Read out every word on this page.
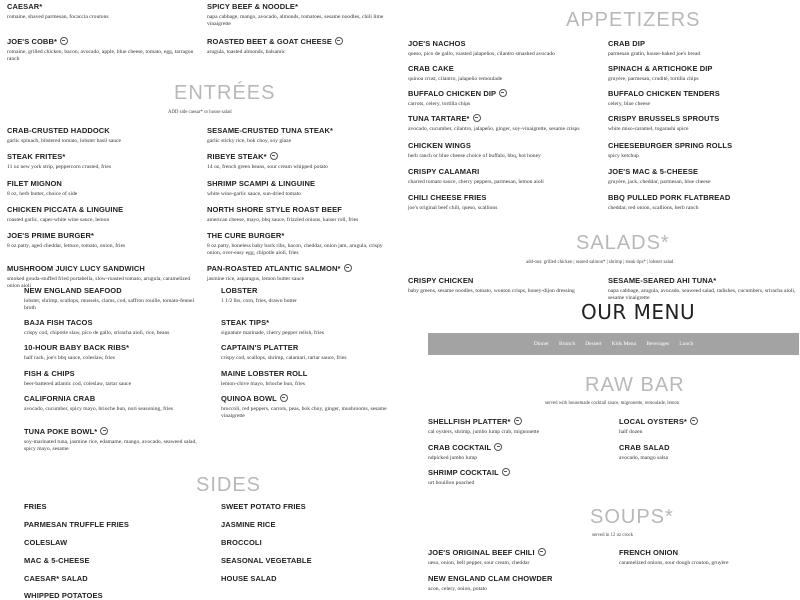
APPETIZERS
ENTRÉES
ADD side caesar* or house salad
SALADS*
add-ons: grilled chicken | seared salmon* | shrimp | steak tips* | lobster salad
RAW BAR
served with housemade cocktail sauce, mignonette, remoulade, lemon
SIDES
SOUPS*
served in 12 oz crock
OUR MENU
Dinner Brunch Dessert Kids Menu Beverages Lunch
CAESAR*
romaine, shaved parmesan, focaccia croutons
SPICY BEEF & NOODLE*
napa cabbage, mango, avocado, almonds, tomatoes, sesame noodles, chili lime vinaigrette
JOE'S COBB*
romaine, grilled chicken, bacon, avocado, apple, blue cheese, tomato, egg, tarragon ranch
ROASTED BEET & GOAT CHEESE
arugula, toasted almonds, balsamic
JOE'S NACHOS
queso, pico de gallo, roasted jalapeños, cilantro smashed avocado
CRAB DIP
parmesan gratin, house-baked joe's bread
CRAB CAKE
quinoa crust, cilantro, jalapeño remoulade
SPINACH & ARTICHOKE DIP
gruyère, parmesan, crudité, tortilla chips
BUFFALO CHICKEN DIP
carrots, celery, tortilla chips
BUFFALO CHICKEN TENDERS
celery, blue cheese
TUNA TARTARE*
avocado, cucumber, cilantro, jalapeño, ginger, soy-vinaigrette, sesame crisps
CRISPY BRUSSELS SPROUTS
white miso-caramel, togarashi spice
CHICKEN WINGS
herb ranch or blue cheese choice of buffalo, bbq, hot honey
CHEESEBURGER SPRING ROLLS
spicy ketchup
CRISPY CALAMARI
charred tomato sauce, cherry peppers, parmesan, lemon aioli
JOE'S MAC & 5-CHEESE
gruyère, jack, cheddar, parmesan, blue cheese
CHILI CHEESE FRIES
joe's original beef chili, queso, scallions
BBQ PULLED PORK FLATBREAD
cheddar, red onion, scallions, herb ranch
CRAB-CRUSTED HADDOCK
garlic spinach, blistered tomato, lobster basil sauce
SESAME-CRUSTED TUNA STEAK*
garlic sticky rice, bok choy, soy glaze
STEAK FRITES*
11 oz new york strip, peppercorn crusted, fries
RIBEYE STEAK*
14 oz, french green beans, sour cream whipped potato
FILET MIGNON
8 oz, herb butter, choice of side
SHRIMP SCAMPI & LINGUINE
white wine-garlic sauce, sun-dried tomato
CHICKEN PICCATA & LINGUINE
roasted garlic, caper-white wine sauce, lemon
NORTH SHORE STYLE ROAST BEEF
american cheese, mayo, bbq sauce, frizzled onions, kaiser roll, fries
JOE'S PRIME BURGER*
8 oz patty, aged cheddar, lettuce, tomato, onion, fries
THE CURE BURGER*
8 oz patty, boneless baby back ribs, bacon, cheddar, onion jam, arugula, crispy onion, over-easy egg, chipotle aioli, fries
MUSHROOM JUICY LUCY SANDWICH
smoked gouda-stuffed fried portabella, slow-roasted tomato, arugula, caramelized onion aioli
PAN-ROASTED ATLANTIC SALMON*
jasmine rice, asparagus, lemon butter sauce
NEW ENGLAND SEAFOOD
lobster, shrimp, scallops, mussels, clams, cod, saffron rouille, tomato-fennel broth
LOBSTER
1 1/2 lbs, corn, fries, drawn butter
BAJA FISH TACOS
crispy cod, chipotle slaw, pico de gallo, sriracha aioli, rice, beans
STEAK TIPS*
signature marinade, cherry pepper relish, fries
10-HOUR BABY BACK RIBS*
half rack, joe's bbq sauce, coleslaw, fries
CAPTAIN'S PLATTER
crispy cod, scallops, shrimp, calamari, tartar sauce, fries
FISH & CHIPS
beer-battered atlantic cod, coleslaw, tartar sauce
MAINE LOBSTER ROLL
lemon-chive mayo, brioche bun, fries
CALIFORNIA CRAB
avocado, cucumber, spicy mayo, brioche bun, nori seasoning, fries
QUINOA BOWL
broccoli, red peppers, carrots, peas, bok choy, ginger, mushrooms, sesame vinaigrette
TUNA POKE BOWL*
soy-marinated tuna, jasmine rice, edamame, mango, avocado, seaweed salad, spicy mayo, sesame
CRISPY CHICKEN
baby greens, sesame noodles, tomato, wonton crisps, honey-dijon dressing
SESAME-SEARED AHI TUNA*
napa cabbage, arugula, avocado, seaweed salad, radishes, cucumbers, sriracha aioli, sesame vinaigrette
SHELLFISH PLATTER*
cal oysters, shrimp, jumbo lump crab, mignonette
LOCAL OYSTERS*
half dozen
CRAB COCKTAIL
ndpicked jumbo lump
CRAB SALAD
avocado, mango salsa
SHRIMP COCKTAIL
urt bouillon poached
FRIES	SWEET POTATO FRIES
PARMESAN TRUFFLE FRIES	JASMINE RICE
COLESLAW	BROCCOLI
MAC & 5-CHEESE	SEASONAL VEGETABLE
CAESAR* SALAD	HOUSE SALAD
WHIPPED POTATOES
JOE'S ORIGINAL BEEF CHILI
ueso, onion, bell pepper, sour cream, cheddar
FRENCH ONION
caramelized onions, sour dough crouton, gruyère
NEW ENGLAND CLAM CHOWDER
acon, celery, onion, potato
